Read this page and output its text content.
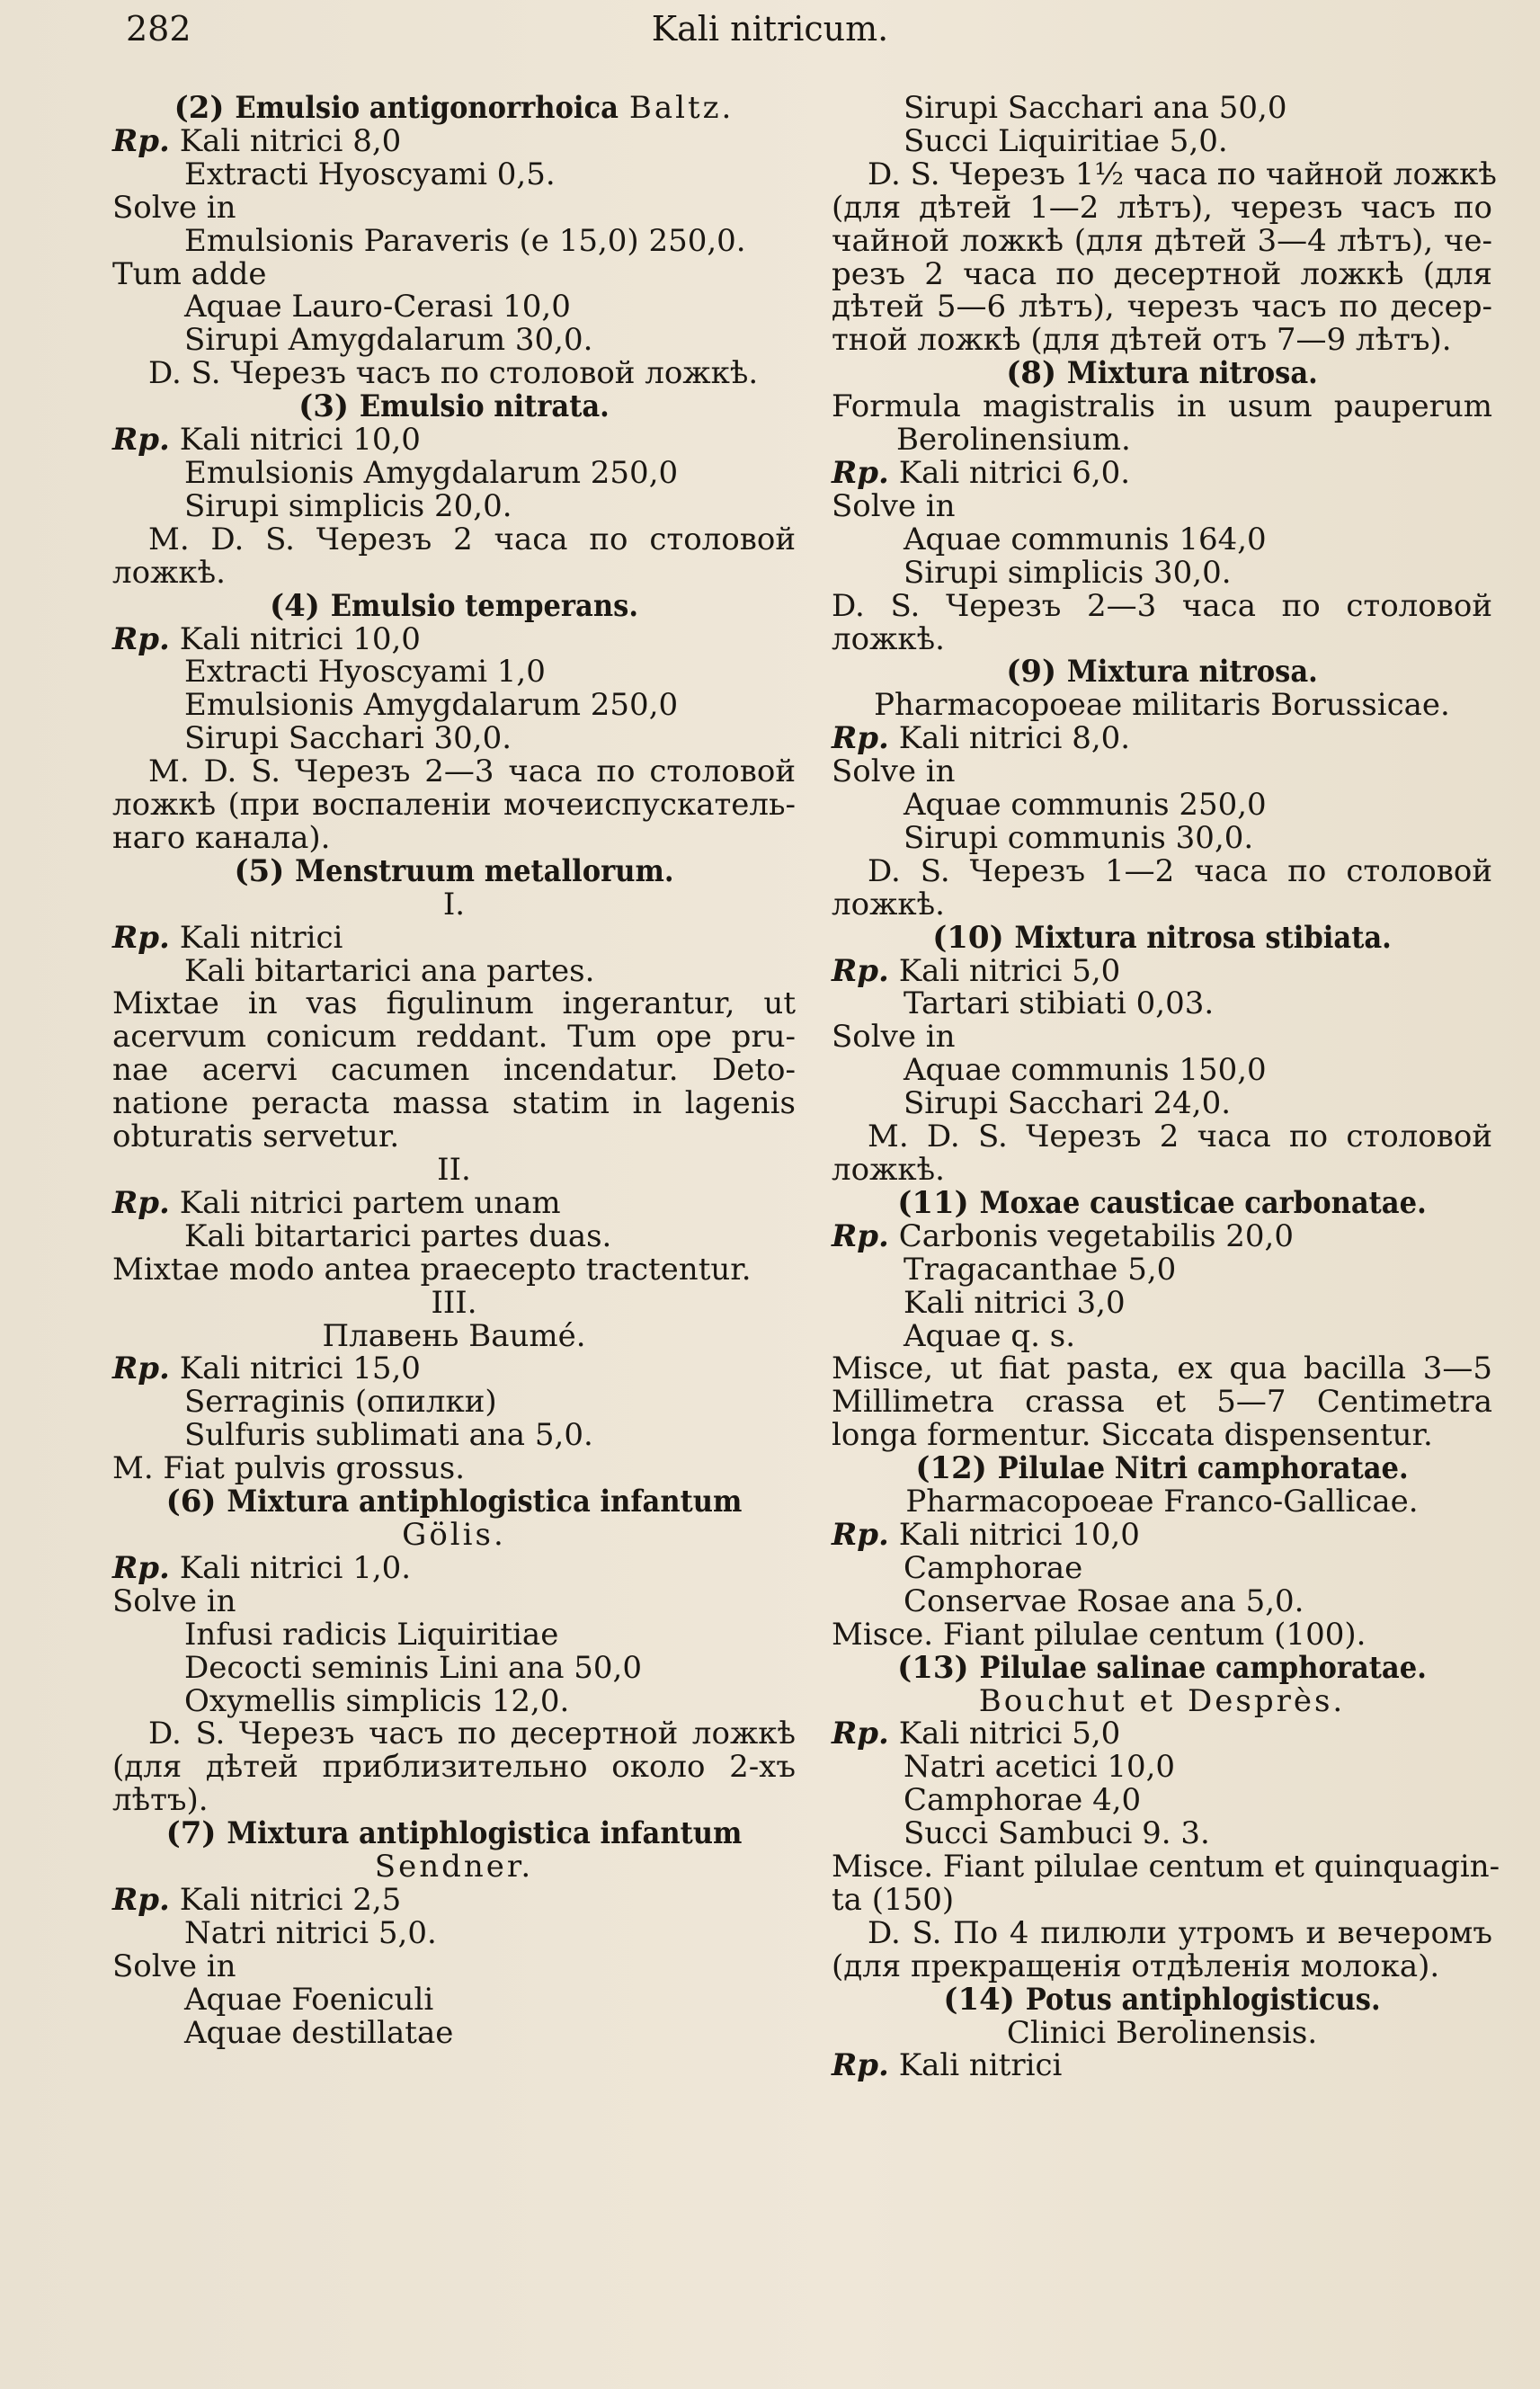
282	Kali nitricum.
(2) Emulsio antigonorrhoica Baltz.
Rp. Kali nitrici 8,0
Extracti Hyoscyami 0,5.
Solve in
Emulsionis Paraveris (e 15,0) 250,0.
Tum adde
Aquae Lauro-Cerasi 10,0
Sirupi Amygdalarum 30,0.
D. S. Черезъ часъ по столовой ложкѣ.
(3) Emulsio nitrata.
Rp. Kali nitrici 10,0
Emulsionis Amygdalarum 250,0
Sirupi simplicis 20,0.
M. D. S. Черезъ 2 часа по столовой
ложкѣ.
(4) Emulsio temperans.
Rp. Kali nitrici 10,0
Extracti Hyoscyami 1,0
Emulsionis Amygdalarum 250,0
Sirupi Sacchari 30,0.
M. D. S. Черезъ 2—3 часа по столовой
ложкѣ (при воспаленіи мочеиспускатель-
наго канала).
(5) Menstruum metallorum.
I.
Rp. Kali nitrici
Kali bitartarici ana partes.
Mixtae in vas figulinum ingerantur, ut
acervum conicum reddant. Tum ope pru-
nae acervi cacumen incendatur. Deto-
natione peracta massa statim in lagenis
obturatis servetur.
II.
Rp. Kali nitrici partem unam
Kali bitartarici partes duas.
Mixtae modo antea praecepto tractentur.
III.
Плавень Baumé.
Rp. Kali nitrici 15,0
Serraginis (опилки)
Sulfuris sublimati ana 5,0.
M. Fiat pulvis grossus.
(6) Mixtura antiphlogistica infantum
Gölis.
Rp. Kali nitrici 1,0.
Solve in
Infusi radicis Liquiritiae
Decocti seminis Lini ana 50,0
Oxymellis simplicis 12,0.
D. S. Черезъ часъ по десертной ложкѣ
(для дѣтей приблизительно около 2-хъ
лѣтъ).
(7) Mixtura antiphlogistica infantum
Sendner.
Rp. Kali nitrici 2,5
Natri nitrici 5,0.
Solve in
Aquae Foeniculi
Aquae destillatae
Sirupi Sacchari ana 50,0
Succi Liquiritiae 5,0.
D. S. Черезъ 1½ часа по чайной ложкѣ
(для дѣтей 1—2 лѣтъ), черезъ часъ по
чайной ложкѣ (для дѣтей 3—4 лѣтъ), че-
резъ 2 часа по десертной ложкѣ (для
дѣтей 5—6 лѣтъ), черезъ часъ по десер-
тной ложкѣ (для дѣтей отъ 7—9 лѣтъ).
(8) Mixtura nitrosa.
Formula magistralis in usum pauperum
Berolinensium.
Rp. Kali nitrici 6,0.
Solve in
Aquae communis 164,0
Sirupi simplicis 30,0.
D. S. Черезъ 2—3 часа по столовой
ложкѣ.
(9) Mixtura nitrosa.
Pharmacopoeae militaris Borussicae.
Rp. Kali nitrici 8,0.
Solve in
Aquae communis 250,0
Sirupi communis 30,0.
D. S. Черезъ 1—2 часа по столовой
ложкѣ.
(10) Mixtura nitrosa stibiata.
Rp. Kali nitrici 5,0
Tartari stibiati 0,03.
Solve in
Aquae communis 150,0
Sirupi Sacchari 24,0.
M. D. S. Черезъ 2 часа по столовой
ложкѣ.
(11) Moxae causticae carbonatae.
Rp. Carbonis vegetabilis 20,0
Tragacanthae 5,0
Kali nitrici 3,0
Aquae q. s.
Misce, ut fiat pasta, ex qua bacilla 3—5
Millimetra crassa et 5—7 Centimetra
longa formentur. Siccata dispensentur.
(12) Pilulae Nitri camphoratae.
Pharmacopoeae Franco-Gallicae.
Rp. Kali nitrici 10,0
Camphorae
Conservae Rosae ana 5,0.
Misce. Fiant pilulae centum (100).
(13) Pilulae salinae camphoratae.
Bouchut et Desprès.
Rp. Kali nitrici 5,0
Natri acetici 10,0
Camphorae 4,0
Succi Sambuci 9. 3.
Misce. Fiant pilulae centum et quinquagin-
ta (150)
D. S. По 4 пилюли утромъ и вечеромъ
(для прекращенія отдѣленія молока).
(14) Potus antiphlogisticus.
Clinici Berolinensis.
Rp. Kali nitrici
